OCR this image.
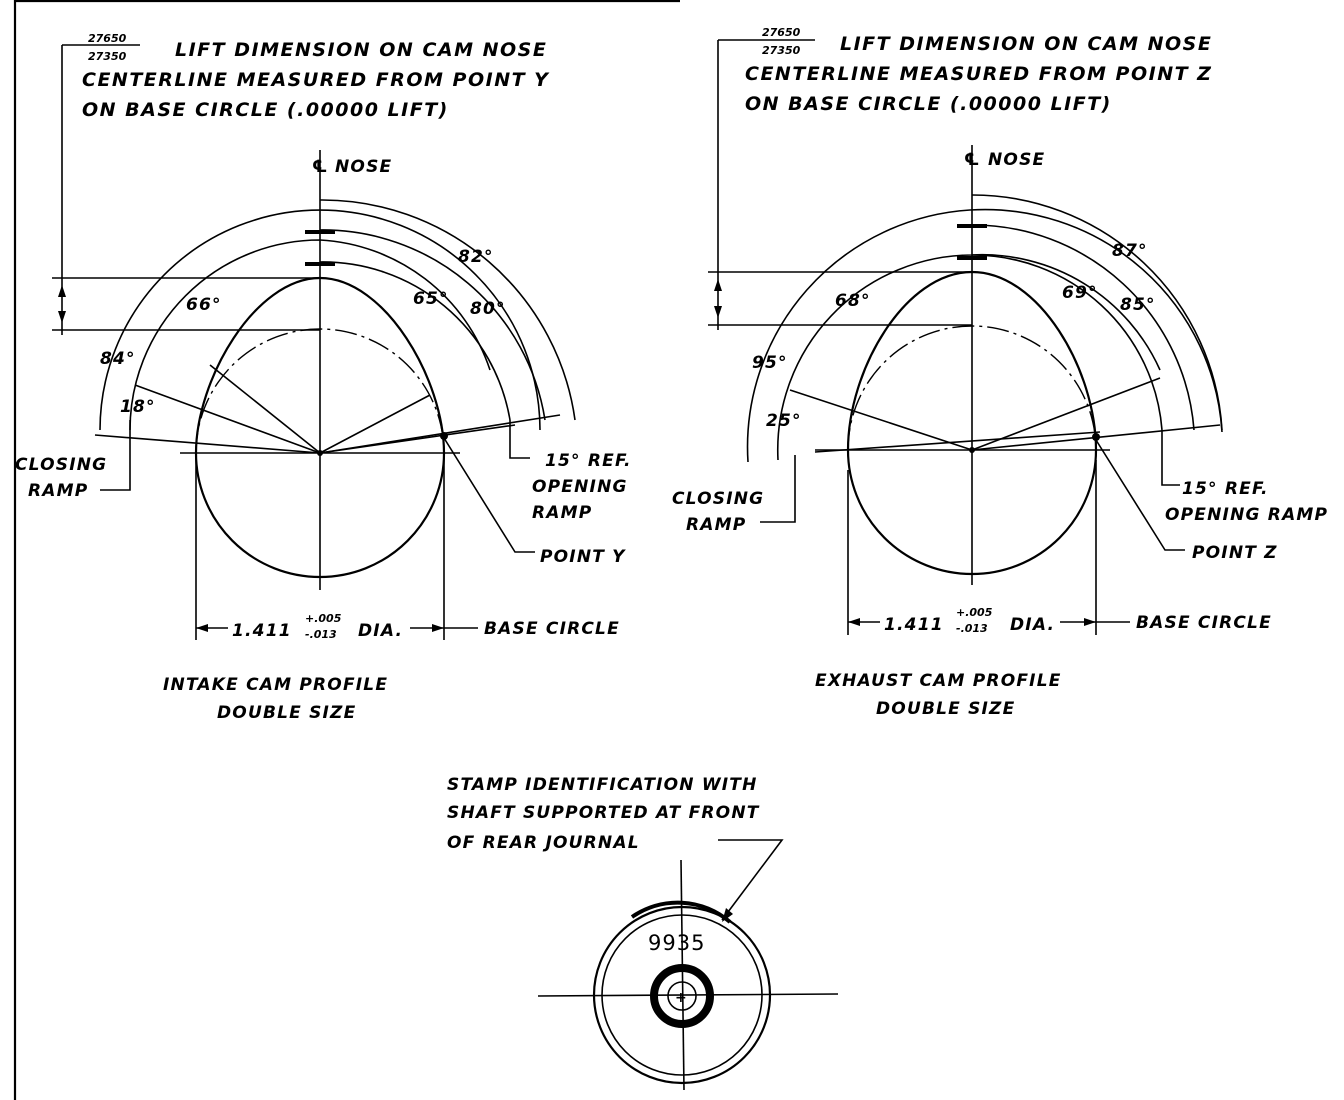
27650
27350	LIFT DIMENSION ON CAM NOSE
CENTERLINE MEASURED FROM POINT Y
ON BASE CIRCLE (.00000 LIFT)
℄ NOSE
82°
66°	65° 80°
84°
18°
CLOSING
RAMP
15° REF.
OPENING
RAMP
POINT Y
1.411
+.005
-.013 DIA.	BASE CIRCLE
INTAKE CAM PROFILE
DOUBLE SIZE
27650
27350 LIFT DIMENSION ON CAM NOSE
CENTERLINE MEASURED FROM POINT Z
ON BASE CIRCLE (.00000 LIFT)
℄ NOSE
87°
68°	69°
85°
95°
25°
CLOSING
RAMP
15° REF.
OPENING RAMP
POINT Z
1.411
+.005
-.013 DIA.	BASE CIRCLE
EXHAUST CAM PROFILE
DOUBLE SIZE
STAMP IDENTIFICATION WITH
SHAFT SUPPORTED AT FRONT
OF REAR JOURNAL
+
9935
